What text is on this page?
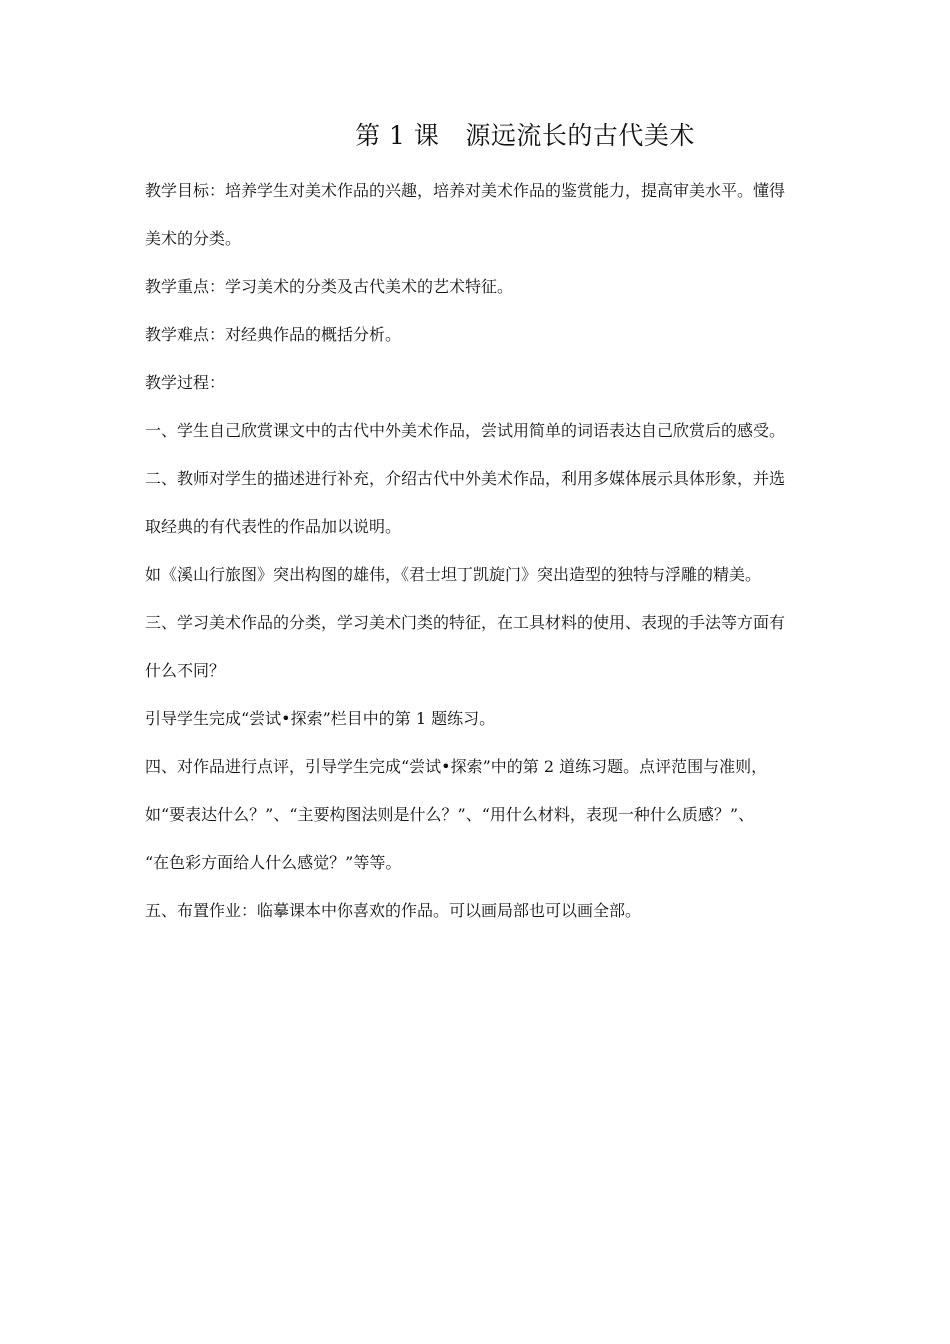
第 1 课 源远流长的古代美术
教学目标：培养学生对美术作品的兴趣，培养对美术作品的鉴赏能力，提高审美水平。懂得
美术的分类。
教学重点：学习美术的分类及古代美术的艺术特征。
教学难点：对经典作品的概括分析。
教学过程：
一、学生自己欣赏课文中的古代中外美术作品，尝试用简单的词语表达自己欣赏后的感受。
二、教师对学生的描述进行补充，介绍古代中外美术作品，利用多媒体展示具体形象，并选
取经典的有代表性的作品加以说明。
如《溪山行旅图》突出构图的雄伟，《君士坦丁凯旋门》突出造型的独特与浮雕的精美。
三、学习美术作品的分类，学习美术门类的特征，在工具材料的使用、表现的手法等方面有
什么不同？
引导学生完成“尝试•探索”栏目中的第 1 题练习。
四、对作品进行点评，引导学生完成“尝试•探索”中的第 2 道练习题。点评范围与准则，
如“要表达什么？”、“主要构图法则是什么？”、“用什么材料，表现一种什么质感？”、
“在色彩方面给人什么感觉？”等等。
五、布置作业：临摹课本中你喜欢的作品。可以画局部也可以画全部。
